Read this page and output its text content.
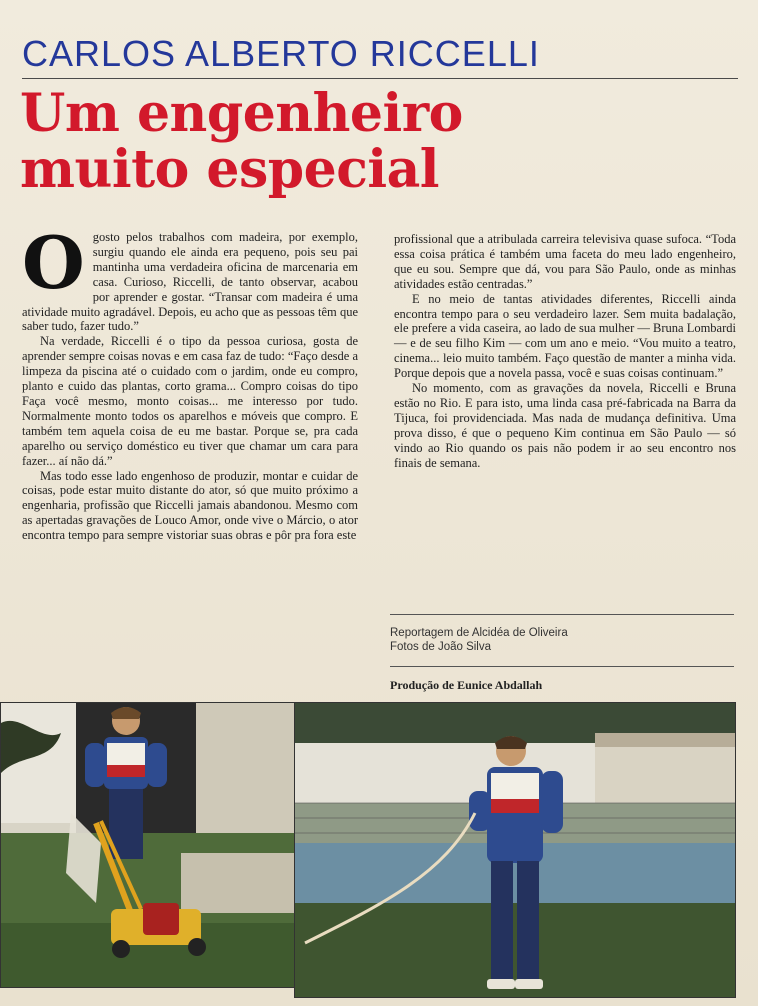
CARLOS ALBERTO RICCELLI
Um engenheiro
muito especial

Ogosto pelos trabalhos com madeira, por exemplo, surgiu quando ele ainda era pequeno, pois seu pai mantinha uma verdadeira oficina de marcenaria em casa. Curioso, Riccelli, de tanto observar, acabou por aprender e gostar. “Transar com madeira é uma atividade muito agradável. Depois, eu acho que as pessoas têm que saber tudo, fazer tudo.”

Na verdade, Riccelli é o tipo da pessoa curiosa, gosta de aprender sempre coisas novas e em casa faz de tudo: “Faço desde a limpeza da piscina até o cuidado com o jardim, onde eu compro, planto e cuido das plantas, corto grama... Compro coisas do tipo Faça você mesmo, monto coisas... me interesso por tudo. Normalmente monto todos os aparelhos e móveis que compro. E também tem aquela coisa de eu me bastar. Porque se, pra cada aparelho ou serviço doméstico eu tiver que chamar um cara para fazer... aí não dá.”

Mas todo esse lado engenhoso de produzir, montar e cuidar de coisas, pode estar muito distante do ator, só que muito próximo a engenharia, profissão que Riccelli jamais abandonou. Mesmo com as apertadas gravações de Louco Amor, onde vive o Márcio, o ator encontra tempo para sempre vistoriar suas obras e pôr pra fora este

profissional que a atribulada carreira televisiva quase sufoca. “Toda essa coisa prática é também uma faceta do meu lado engenheiro, que eu sou. Sempre que dá, vou para São Paulo, onde as minhas atividades estão centradas.”

E no meio de tantas atividades diferentes, Riccelli ainda encontra tempo para o seu verdadeiro lazer. Sem muita badalação, ele prefere a vida caseira, ao lado de sua mulher — Bruna Lombardi — e de seu filho Kim — com um ano e meio. “Vou muito a teatro, cinema... leio muito também. Faço questão de manter a minha vida. Porque depois que a novela passa, você e suas coisas continuam.”

No momento, com as gravações da novela, Riccelli e Bruna estão no Rio. E para isto, uma linda casa pré-fabricada na Barra da Tijuca, foi providenciada. Mas nada de mudança definitiva. Uma prova disso, é que o pequeno Kim continua em São Paulo — só vindo ao Rio quando os pais não podem ir ao seu encontro nos finais de semana.

Reportagem de Alcidéa de Oliveira
Fotos de João Silva
Produção de Eunice Abdallah
